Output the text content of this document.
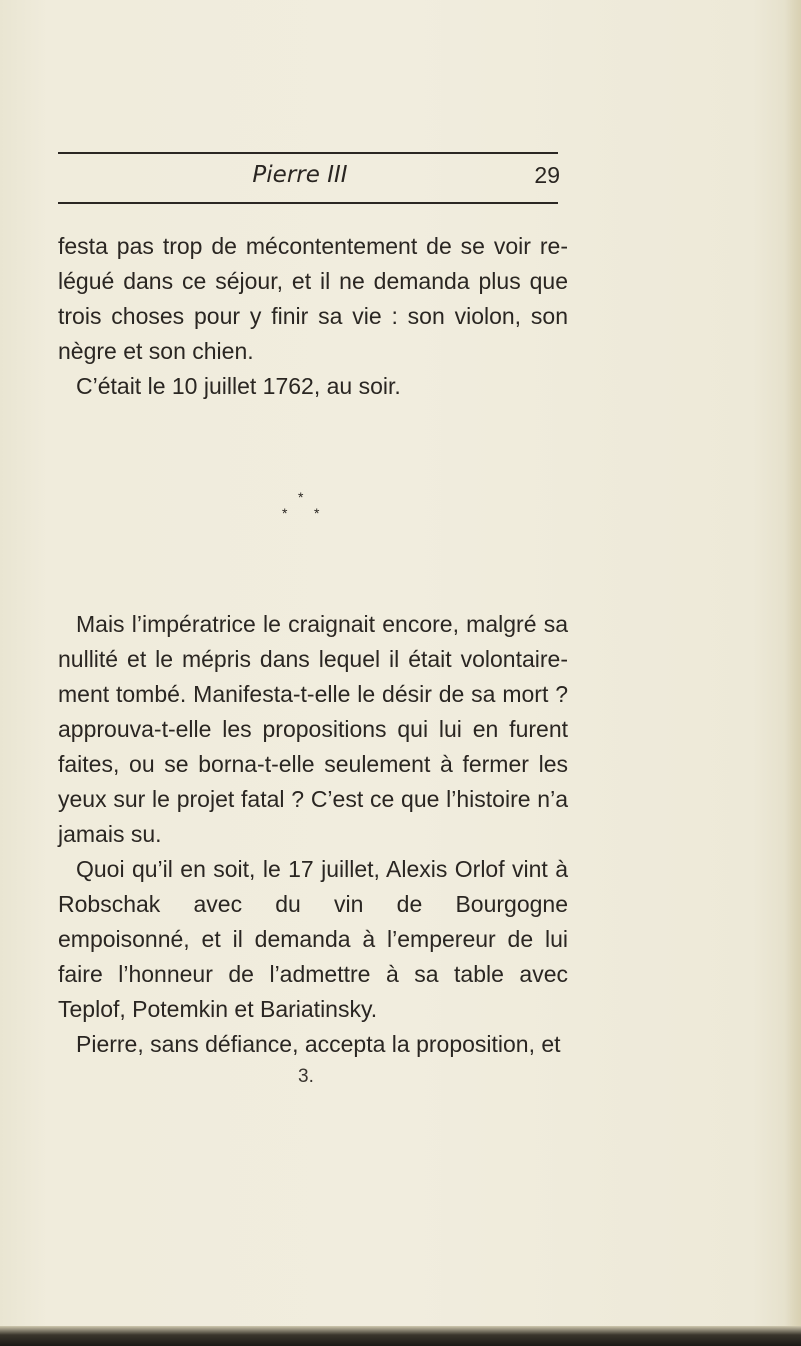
Pierre III	29

festa pas trop de mécontentement de se voir re-légué dans ce séjour, et il ne demanda plus que trois choses pour y finir sa vie : son violon, son nègre et son chien.

C’était le 10 juillet 1762, au soir.

*
* *

Mais l’impératrice le craignait encore, malgré sa nullité et le mépris dans lequel il était volontaire-ment tombé. Manifesta-t-elle le désir de sa mort ? approuva-t-elle les propositions qui lui en furent faites, ou se borna-t-elle seulement à fermer les yeux sur le projet fatal ? C’est ce que l’histoire n’a jamais su.

Quoi qu’il en soit, le 17 juillet, Alexis Orlof vint à Robschak avec du vin de Bourgogne empoisonné, et il demanda à l’empereur de lui faire l’honneur de l’admettre à sa table avec Teplof, Potemkin et Bariatinsky.

Pierre, sans défiance, accepta la proposition, et

3.
